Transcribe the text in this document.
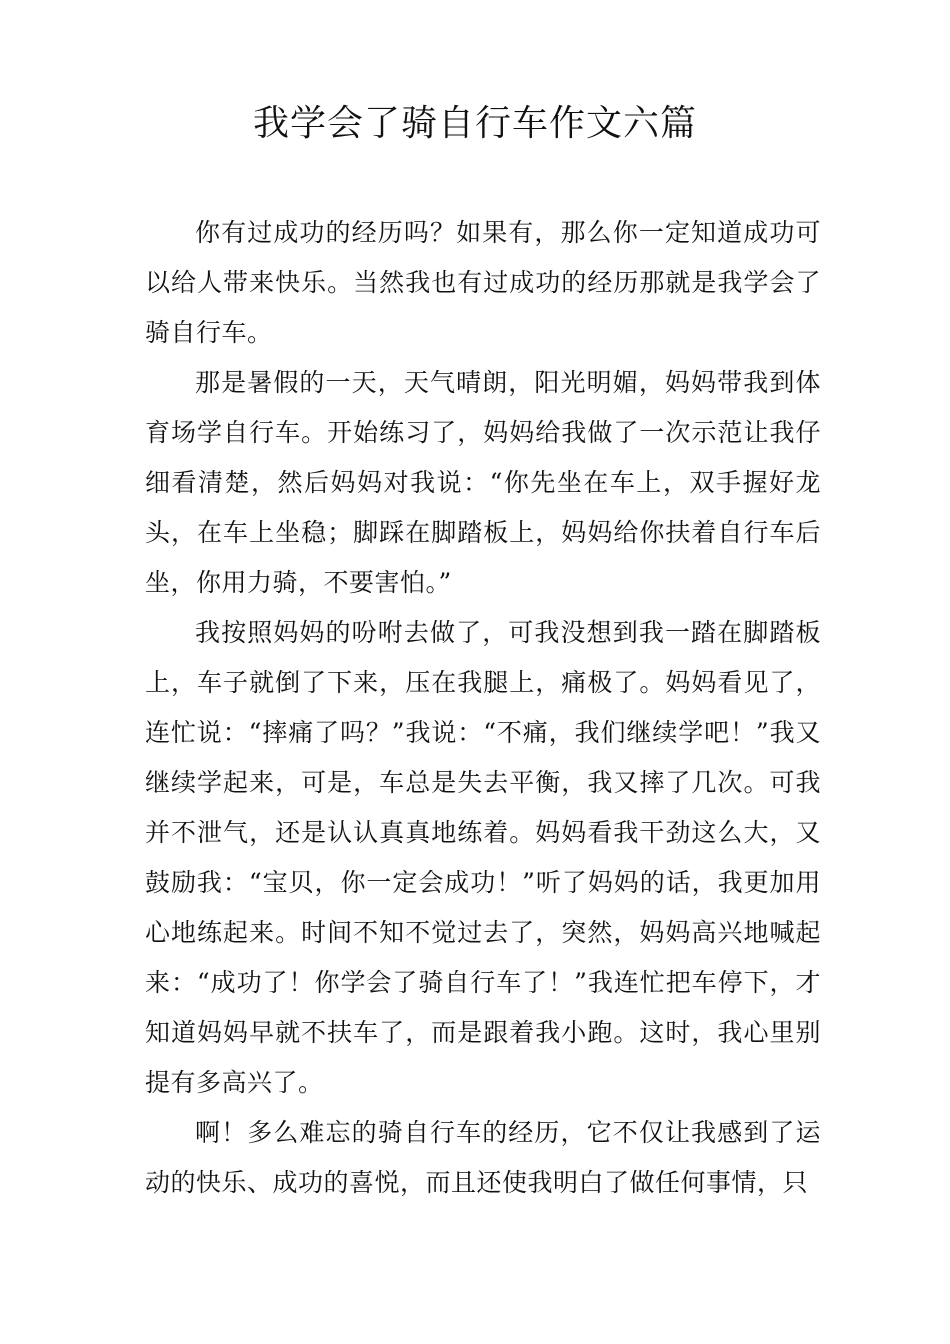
我学会了骑自行车作文六篇

你有过成功的经历吗？如果有，那么你一定知道成功可以给人带来快乐。当然我也有过成功的经历那就是我学会了骑自行车。

那是暑假的一天，天气晴朗，阳光明媚，妈妈带我到体育场学自行车。开始练习了，妈妈给我做了一次示范让我仔细看清楚，然后妈妈对我说：“你先坐在车上，双手握好龙头，在车上坐稳；脚踩在脚踏板上，妈妈给你扶着自行车后坐，你用力骑，不要害怕。”

我按照妈妈的吩咐去做了，可我没想到我一踏在脚踏板上，车子就倒了下来，压在我腿上，痛极了。妈妈看见了，连忙说：“摔痛了吗？”我说：“不痛，我们继续学吧！”我又继续学起来，可是，车总是失去平衡，我又摔了几次。可我并不泄气，还是认认真真地练着。妈妈看我干劲这么大，又鼓励我：“宝贝，你一定会成功！”听了妈妈的话，我更加用心地练起来。时间不知不觉过去了，突然，妈妈高兴地喊起来：“成功了！你学会了骑自行车了！”我连忙把车停下，才知道妈妈早就不扶车了，而是跟着我小跑。这时，我心里别提有多高兴了。

啊！多么难忘的骑自行车的经历，它不仅让我感到了运动的快乐、成功的喜悦，而且还使我明白了做任何事情，只
